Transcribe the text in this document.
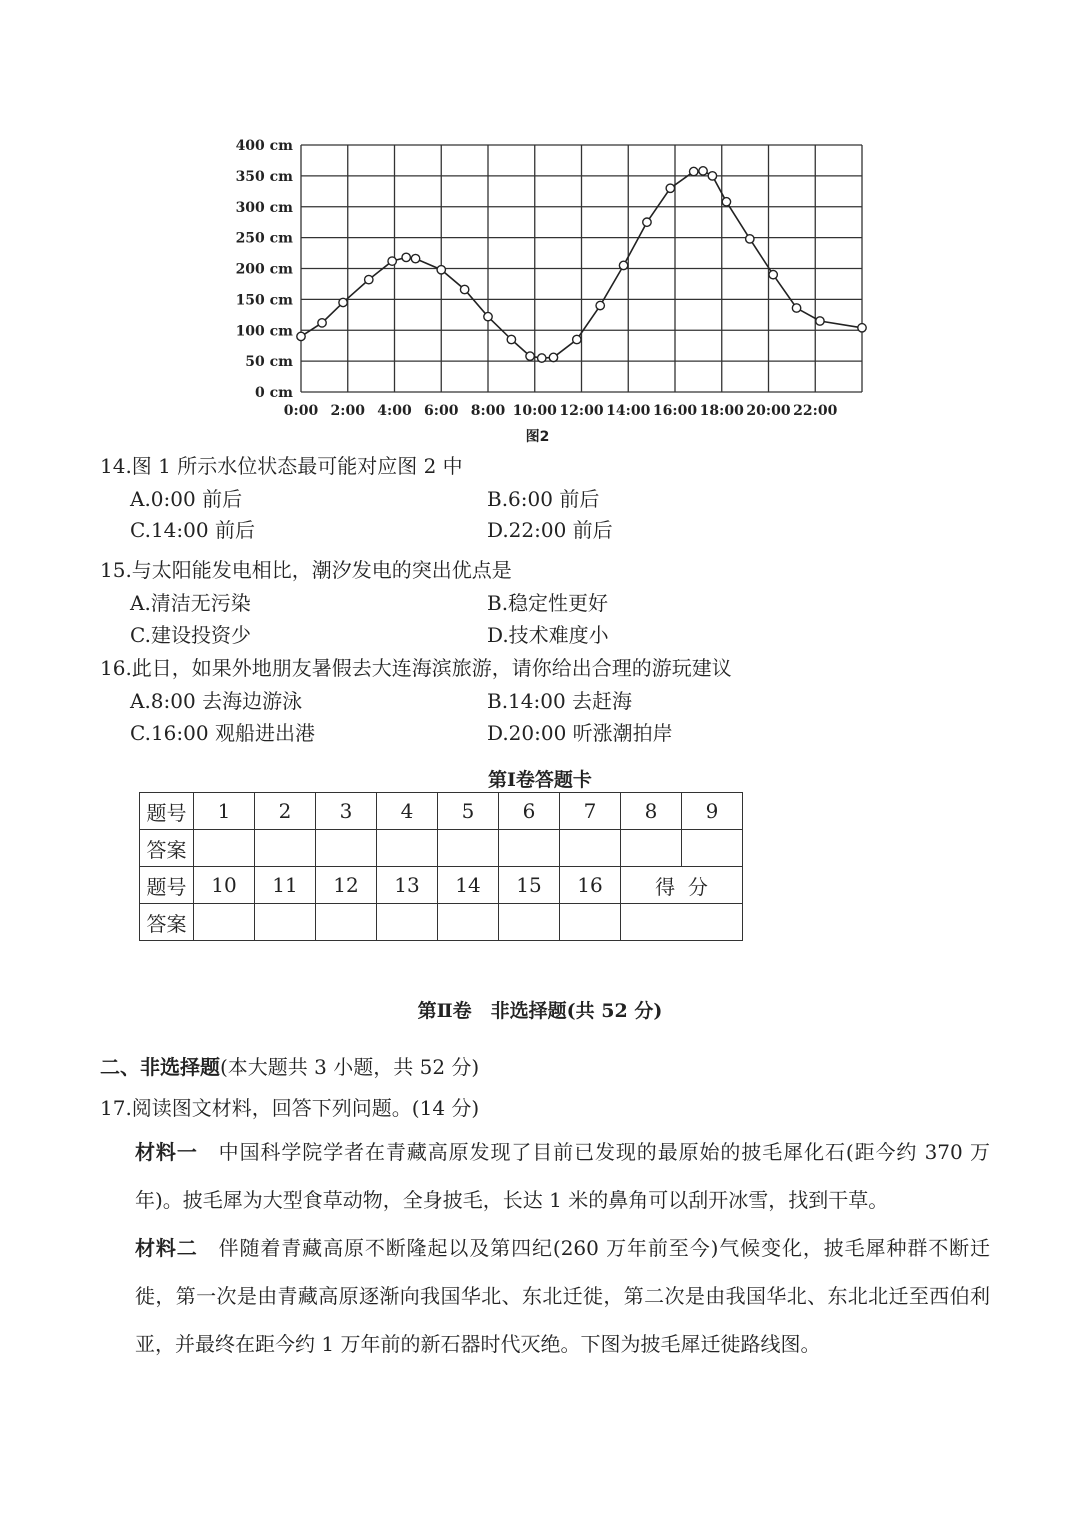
400 cm
350 cm
300 cm
250 cm
200 cm
150 cm
100 cm
50 cm
0 cm
0:00 2:00 4:00 6:00 8:00 10:00 12:00 14:00 16:00 18:00 20:00 22:00
图2
14.图 1 所示水位状态最可能对应图 2 中
A.0:00 前后	B.6:00 前后
C.14:00 前后	D.22:00 前后
15.与太阳能发电相比，潮汐发电的突出优点是
A.清洁无污染	B.稳定性更好
C.建设投资少	D.技术难度小
16.此日，如果外地朋友暑假去大连海滨旅游，请你给出合理的游玩建议
A.8:00 去海边游泳	B.14:00 去赶海
C.16:00 观船进出港	D.20:00 听涨潮拍岸
第Ⅰ卷答题卡
题号	1	2	3	4	5	6	7	8	9
答案									
题号	10	11	12	13	14	15	16	得  分	
答案									
第Ⅱ卷　非选择题(共 52 分)
二、非选择题(本大题共 3 小题，共 52 分)
17.阅读图文材料，回答下列问题。(14 分)
材料一　 中国科学院学者在青藏高原发现了目前已发现的最原始的披毛犀化石(距今约 370 万年)。披毛犀为大型食草动物，全身披毛，长达 1 米的鼻角可以刮开冰雪，找到干草。
材料二　 伴随着青藏高原不断隆起以及第四纪(260 万年前至今)气候变化，披毛犀种群不断迁徙，第一次是由青藏高原逐渐向我国华北、东北迁徙，第二次是由我国华北、东北北迁至西伯利亚，并最终在距今约 1 万年前的新石器时代灭绝。下图为披毛犀迁徙路线图。
